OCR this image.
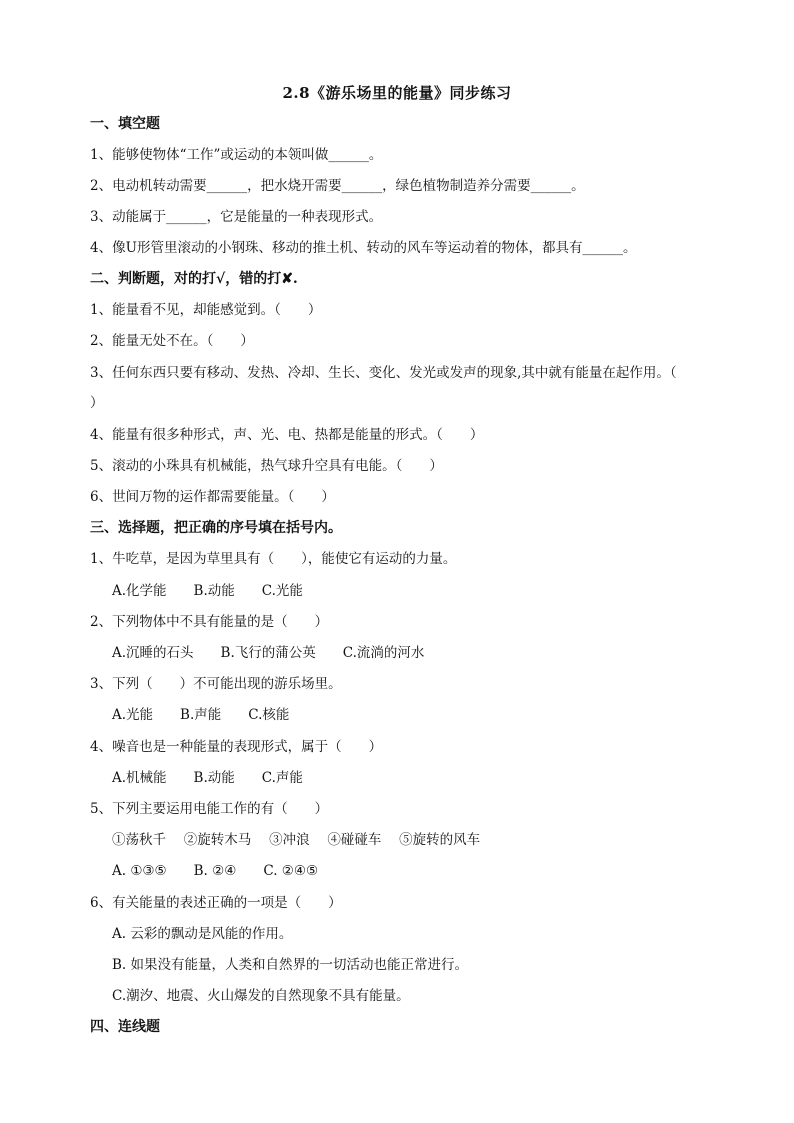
2.8《游乐场里的能量》同步练习
一、填空题
1、能够使物体“工作”或运动的本领叫做______。
2、电动机转动需要______，把水烧开需要______，绿色植物制造养分需要______。
3、动能属于______，它是能量的一种表现形式。
4、像U形管里滚动的小钢珠、移动的推土机、转动的风车等运动着的物体，都具有______。
二、判断题，对的打√，错的打✘.
1、能量看不见，却能感觉到。（　　）
2、能量无处不在。（　　）
3、任何东西只要有移动、发热、冷却、生长、变化、发光或发声的现象,其中就有能量在起作用。（
）
4、能量有很多种形式，声、光、电、热都是能量的形式。（　　）
5、滚动的小珠具有机械能，热气球升空具有电能。（　　）
6、世间万物的运作都需要能量。（　　）
三、选择题，把正确的序号填在括号内。
1、牛吃草，是因为草里具有（　　），能使它有运动的力量。
A.化学能　　B.动能　　C.光能
2、下列物体中不具有能量的是（　　）
A.沉睡的石头　　B.飞行的蒲公英　　C.流淌的河水
3、下列（　　）不可能出现的游乐场里。
A.光能　　B.声能　　C.核能
4、噪音也是一种能量的表现形式，属于（　　）
A.机械能　　B.动能　　C.声能
5、下列主要运用电能工作的有（　　）
①荡秋千　 ②旋转木马　 ③冲浪　 ④碰碰车　 ⑤旋转的风车
A. ①③⑤　　B. ②④　　C. ②④⑤
6、有关能量的表述正确的一项是（　　）
A. 云彩的飘动是风能的作用。
B. 如果没有能量，人类和自然界的一切活动也能正常进行。
C.潮汐、地震、火山爆发的自然现象不具有能量。
四、连线题
